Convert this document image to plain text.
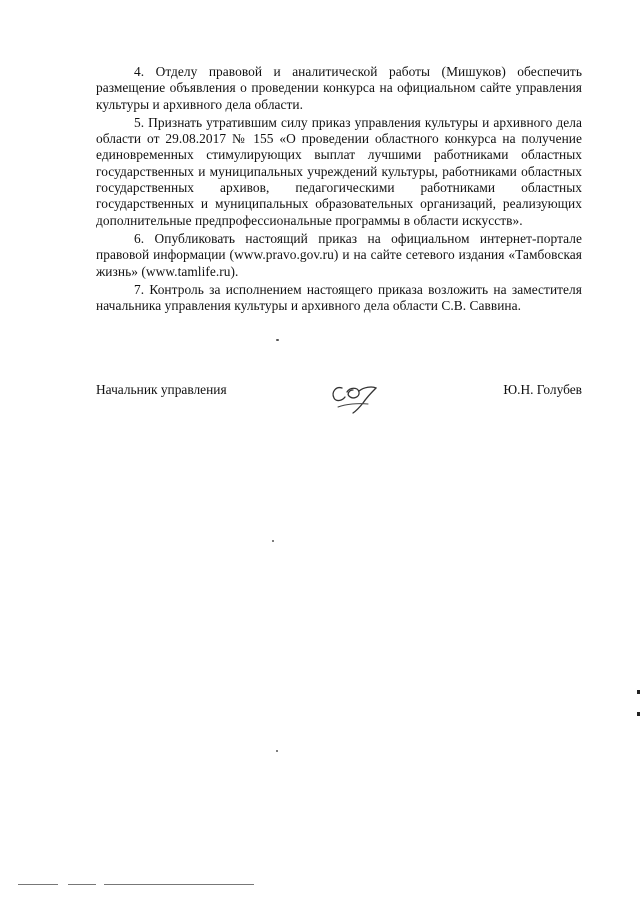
4. Отделу правовой и аналитической работы (Мишуков) обеспечить размещение объявления о проведении конкурса на официальном сайте управления культуры и архивного дела области.

5. Признать утратившим силу приказ управления культуры и архивного дела области от 29.08.2017 № 155 «О проведении областного конкурса на получение единовременных стимулирующих выплат лучшими работниками областных государственных и муниципальных учреждений культуры, работниками областных государственных архивов, педагогическими работниками областных государственных и муниципальных образовательных организаций, реализующих дополнительные предпрофессиональные программы в области искусств».

6. Опубликовать настоящий приказ на официальном интернет-портале правовой информации (www.pravo.gov.ru) и на сайте сетевого издания «Тамбовская жизнь» (www.tamlife.ru).

7. Контроль за исполнением настоящего приказа возложить на заместителя начальника управления культуры и архивного дела области С.В. Саввина.

Начальник управления	Ю.Н. Голубев
